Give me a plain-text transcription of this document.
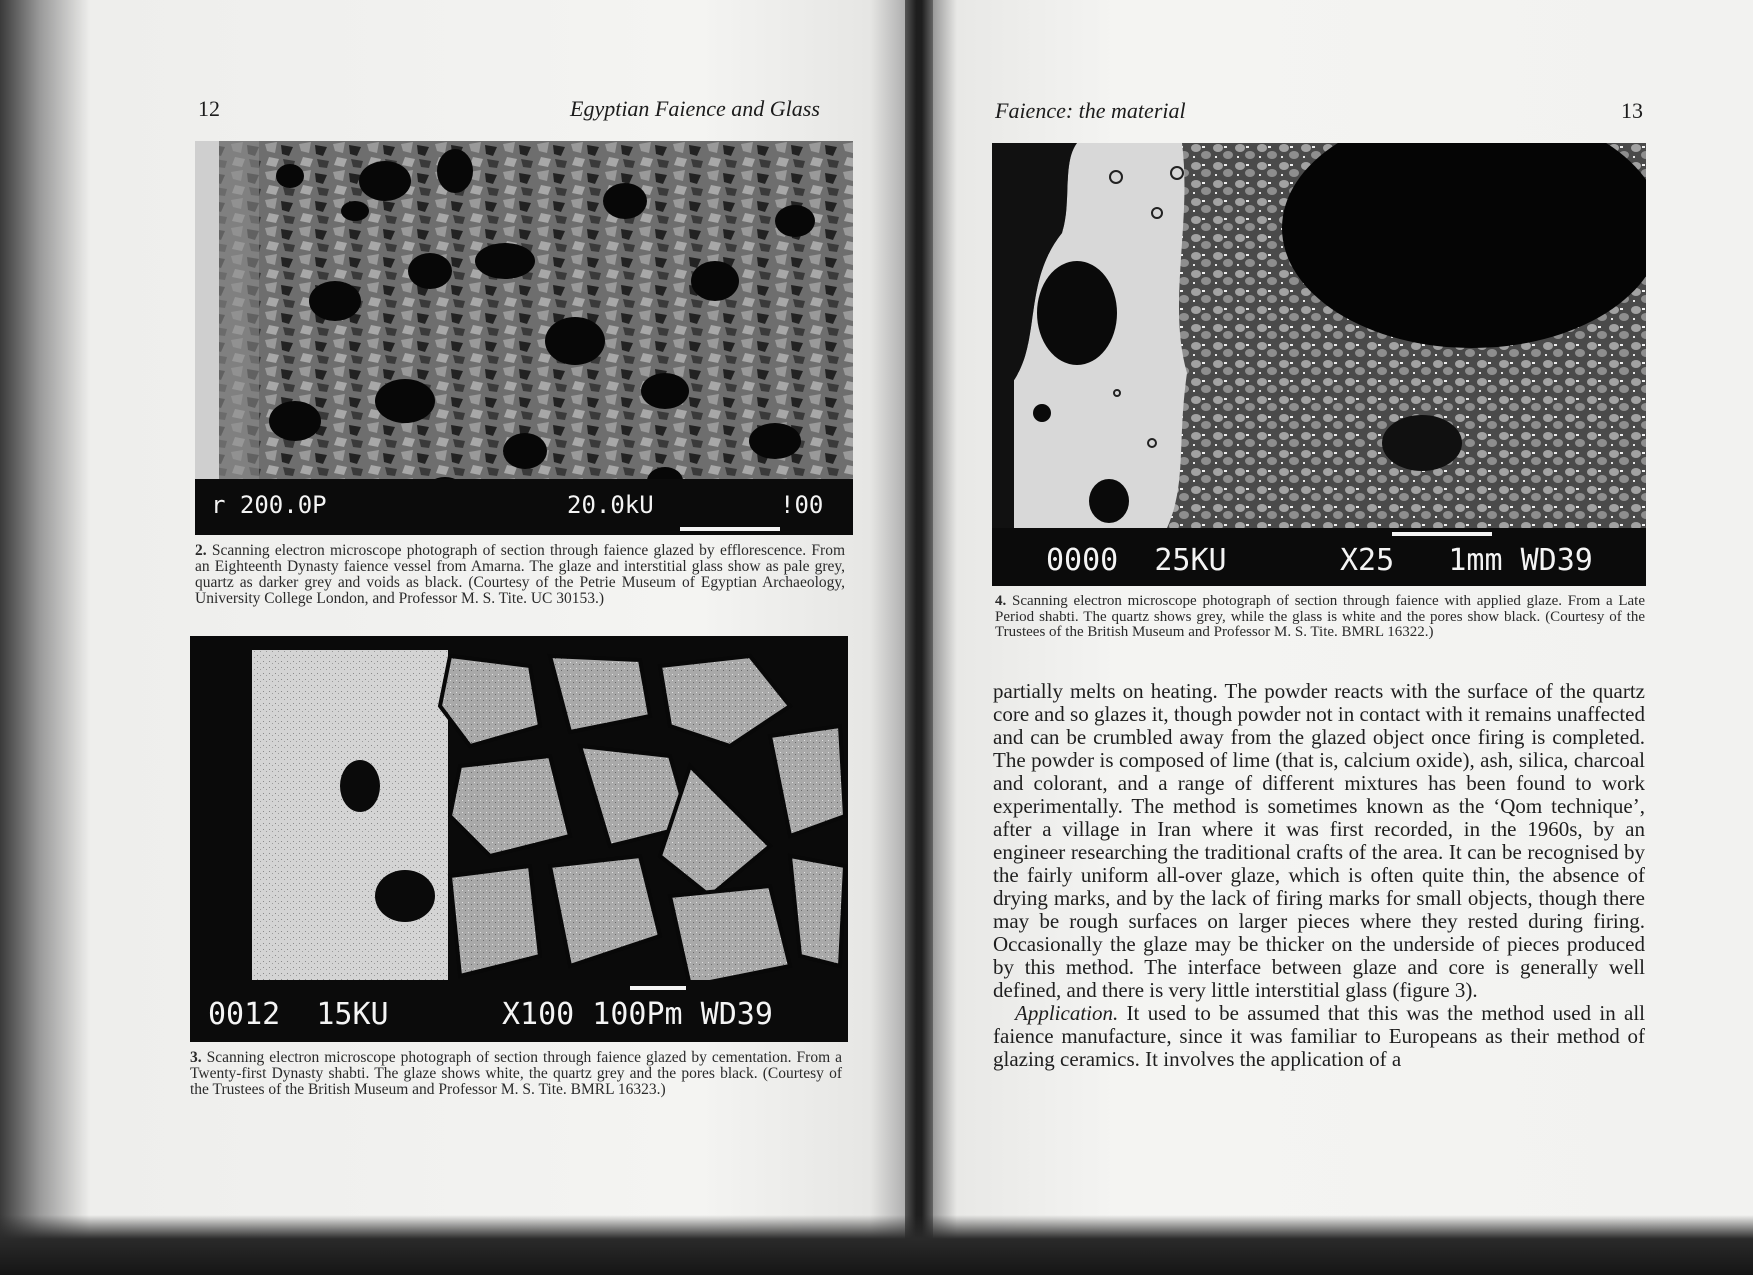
12	Egyptian Faience and Glass
r 200.0P	20.0kU	!00
2. Scanning electron microscope photograph of section through faience glazed by efflorescence. From an Eighteenth Dynasty faience vessel from Amarna. The glaze and interstitial glass show as pale grey, quartz as darker grey and voids as black. (Courtesy of the Petrie Museum of Egyptian Archaeology, University College London, and Professor M. S. Tite. UC 30153.)
0012  15KU	X100 100Pm WD39
3. Scanning electron microscope photograph of section through faience glazed by cementation. From a Twenty-first Dynasty shabti. The glaze shows white, the quartz grey and the pores black. (Courtesy of the Trustees of the British Museum and Professor M. S. Tite. BMRL 16323.)
Faience: the material	13
0000  25KU	X25   1mm WD39
4. Scanning electron microscope photograph of section through faience with applied glaze. From a Late Period shabti. The quartz shows grey, while the glass is white and the pores show black. (Courtesy of the Trustees of the British Museum and Professor M. S. Tite. BMRL 16322.)

partially melts on heating. The powder reacts with the surface of the quartz core and so glazes it, though powder not in contact with it remains unaffected and can be crumbled away from the glazed object once firing is completed. The powder is composed of lime (that is, calcium oxide), ash, silica, charcoal and colorant, and a range of different mixtures has been found to work experimentally. The method is sometimes known as the ‘Qom technique’, after a village in Iran where it was first recorded, in the 1960s, by an engineer researching the traditional crafts of the area. It can be recognised by the fairly uniform all-over glaze, which is often quite thin, the absence of drying marks, and by the lack of firing marks for small objects, though there may be rough surfaces on larger pieces where they rested during firing. Occasionally the glaze may be thicker on the underside of pieces produced by this method. The interface between glaze and core is generally well defined, and there is very little interstitial glass (figure 3).

Application. It used to be assumed that this was the method used in all faience manufacture, since it was familiar to Europeans as their method of glazing ceramics. It involves the application of a
